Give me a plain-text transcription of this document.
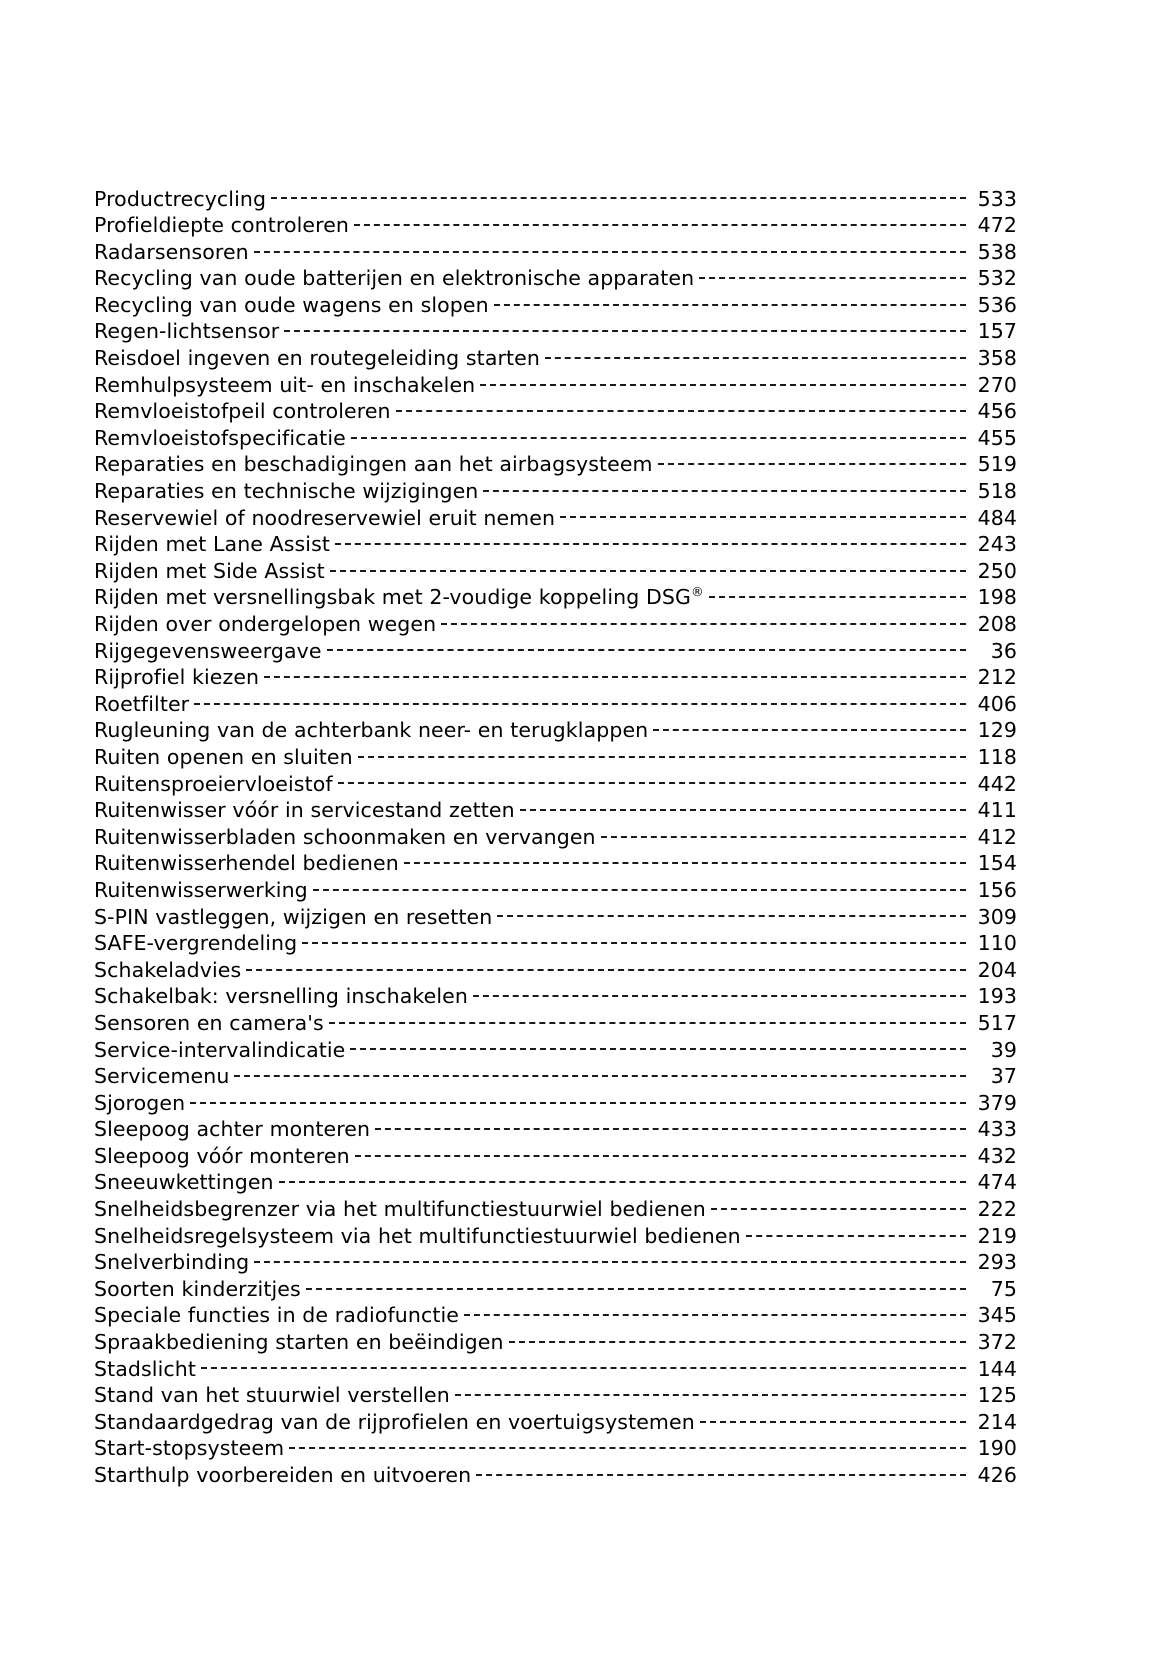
Productrecycling	533
Profieldiepte controleren	472
Radarsensoren	538
Recycling van oude batterijen en elektronische apparaten	532
Recycling van oude wagens en slopen	536
Regen-lichtsensor	157
Reisdoel ingeven en routegeleiding starten	358
Remhulpsysteem uit- en inschakelen	270
Remvloeistofpeil controleren	456
Remvloeistofspecificatie	455
Reparaties en beschadigingen aan het airbagsysteem	519
Reparaties en technische wijzigingen	518
Reservewiel of noodreservewiel eruit nemen	484
Rijden met Lane Assist	243
Rijden met Side Assist	250
Rijden met versnellingsbak met 2-voudige koppeling DSG®	198
Rijden over ondergelopen wegen	208
Rijgegevensweergave	36
Rijprofiel kiezen	212
Roetfilter	406
Rugleuning van de achterbank neer- en terugklappen	129
Ruiten openen en sluiten	118
Ruitensproeiervloeistof	442
Ruitenwisser vóór in servicestand zetten	411
Ruitenwisserbladen schoonmaken en vervangen	412
Ruitenwisserhendel bedienen	154
Ruitenwisserwerking	156
S-PIN vastleggen, wijzigen en resetten	309
SAFE-vergrendeling	110
Schakeladvies	204
Schakelbak: versnelling inschakelen	193
Sensoren en camera's	517
Service-intervalindicatie	39
Servicemenu	37
Sjorogen	379
Sleepoog achter monteren	433
Sleepoog vóór monteren	432
Sneeuwkettingen	474
Snelheidsbegrenzer via het multifunctiestuurwiel bedienen	222
Snelheidsregelsysteem via het multifunctiestuurwiel bedienen	219
Snelverbinding	293
Soorten kinderzitjes	75
Speciale functies in de radiofunctie	345
Spraakbediening starten en beëindigen	372
Stadslicht	144
Stand van het stuurwiel verstellen	125
Standaardgedrag van de rijprofielen en voertuigsystemen	214
Start-stopsysteem	190
Starthulp voorbereiden en uitvoeren	426
